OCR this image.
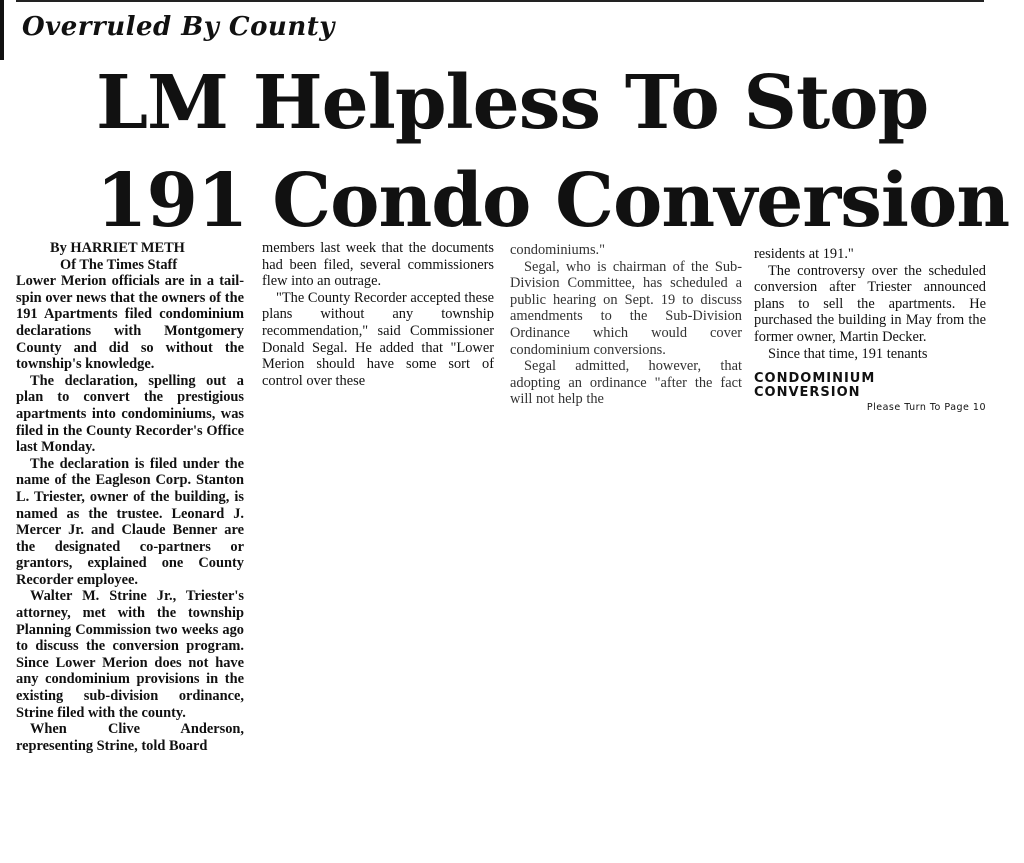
Overruled By County
LM Helpless To Stop
191 Condo Conversion

By HARRIET METH

Of The Times Staff

Lower Merion officials are in a tail-spin over news that the owners of the 191 Apartments filed condominium declarations with Montgomery County and did so without the township's knowledge.

The declaration, spelling out a plan to convert the prestigious apartments into condominiums, was filed in the County Recorder's Office last Monday.

The declaration is filed under the name of the Eagleson Corp. Stanton L. Triester, owner of the building, is named as the trustee. Leonard J. Mercer Jr. and Claude Benner are the designated co-partners or grantors, explained one County Recorder employee.

Walter M. Strine Jr., Triester's attorney, met with the township Planning Commission two weeks ago to discuss the conversion program. Since Lower Merion does not have any condominium provisions in the existing sub-division ordinance, Strine filed with the county.

When Clive Anderson, representing Strine, told Board

members last week that the documents had been filed, several commissioners flew into an outrage.

"The County Recorder accepted these plans without any township recommendation," said Commissioner Donald Segal. He added that "Lower Merion should have some sort of control over these

condominiums."

Segal, who is chairman of the Sub-Division Committee, has scheduled a public hearing on Sept. 19 to discuss amendments to the Sub-Division Ordinance which would cover condominium conversions.

Segal admitted, however, that adopting an ordinance "after the fact will not help the

residents at 191."

The controversy over the scheduled conversion after Triester announced plans to sell the apartments. He purchased the building in May from the former owner, Martin Decker.

Since that time, 191 tenants

CONDOMINIUM
CONVERSION
Please Turn To Page 10
